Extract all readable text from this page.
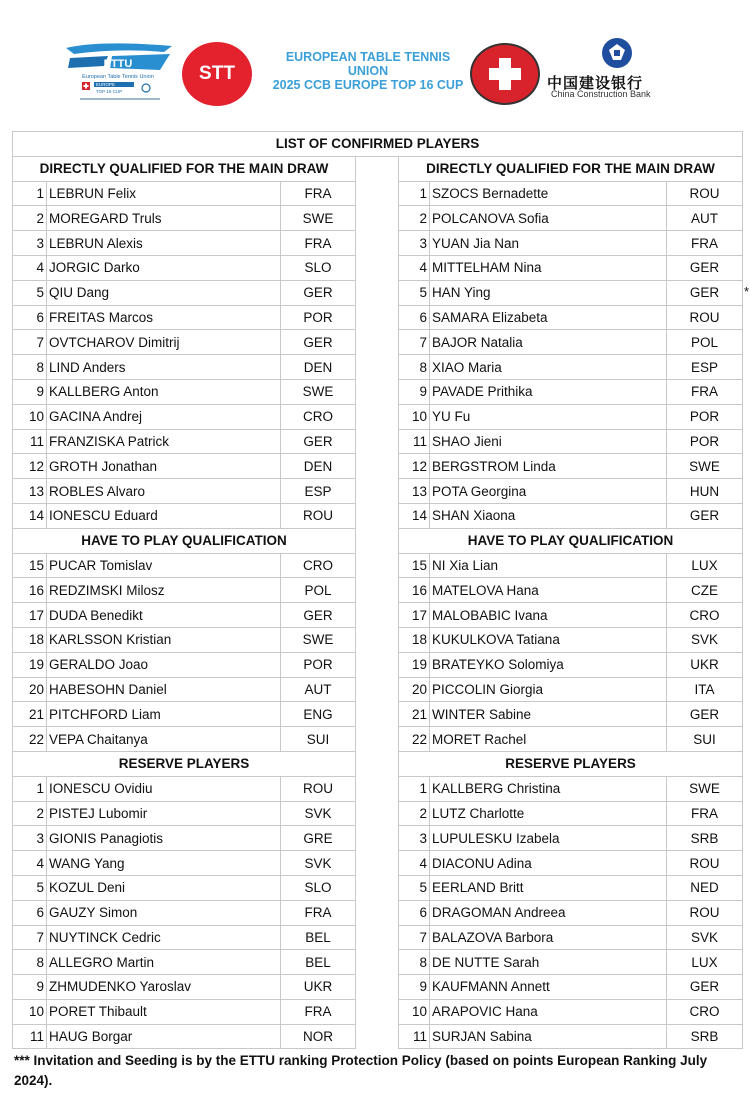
ETTU
European Table Tennis Union
EUROPE
TOP 16 CUP
STT
EUROPEAN TABLE TENNIS
UNION
2025 CCB EUROPE TOP 16 CUP	中国建设银行
China Construction Bank
LIST OF CONFIRMED PLAYERS						
DIRECTLY QUALIFIED FOR THE MAIN DRAW				DIRECTLY QUALIFIED FOR THE MAIN DRAW		
1	LEBRUN Felix	FRA		1	SZOCS Bernadette	ROU
2	MOREGARD Truls	SWE		2	POLCANOVA Sofia	AUT
3	LEBRUN Alexis	FRA		3	YUAN Jia Nan	FRA
4	JORGIC Darko	SLO		4	MITTELHAM Nina	GER
5	QIU Dang	GER		5	HAN Ying	GER
6	FREITAS Marcos	POR		6	SAMARA Elizabeta	ROU
7	OVTCHAROV Dimitrij	GER		7	BAJOR Natalia	POL
8	LIND Anders	DEN		8	XIAO Maria	ESP
9	KALLBERG Anton	SWE		9	PAVADE Prithika	FRA
10	GACINA Andrej	CRO		10	YU Fu	POR
11	FRANZISKA Patrick	GER		11	SHAO Jieni	POR
12	GROTH Jonathan	DEN		12	BERGSTROM Linda	SWE
13	ROBLES Alvaro	ESP		13	POTA Georgina	HUN
14	IONESCU Eduard	ROU		14	SHAN Xiaona	GER
HAVE TO PLAY QUALIFICATION				HAVE TO PLAY QUALIFICATION		
15	PUCAR Tomislav	CRO		15	NI Xia Lian	LUX
16	REDZIMSKI Milosz	POL		16	MATELOVA Hana	CZE
17	DUDA Benedikt	GER		17	MALOBABIC Ivana	CRO
18	KARLSSON Kristian	SWE		18	KUKULKOVA Tatiana	SVK
19	GERALDO Joao	POR		19	BRATEYKO Solomiya	UKR
20	HABESOHN Daniel	AUT		20	PICCOLIN Giorgia	ITA
21	PITCHFORD Liam	ENG		21	WINTER Sabine	GER
22	VEPA Chaitanya	SUI		22	MORET Rachel	SUI
RESERVE PLAYERS				RESERVE PLAYERS		
1	IONESCU Ovidiu	ROU		1	KALLBERG Christina	SWE
2	PISTEJ Lubomir	SVK		2	LUTZ Charlotte	FRA
3	GIONIS Panagiotis	GRE		3	LUPULESKU Izabela	SRB
4	WANG Yang	SVK		4	DIACONU Adina	ROU
5	KOZUL Deni	SLO		5	EERLAND Britt	NED
6	GAUZY Simon	FRA		6	DRAGOMAN Andreea	ROU
7	NUYTINCK Cedric	BEL		7	BALAZOVA Barbora	SVK
8	ALLEGRO Martin	BEL		8	DE NUTTE Sarah	LUX
9	ZHMUDENKO Yaroslav	UKR		9	KAUFMANN Annett	GER
10	PORET Thibault	FRA		10	ARAPOVIC Hana	CRO
11	HAUG Borgar	NOR		11	SURJAN Sabina	SRB
*
*** Invitation and Seeding is by the ETTU ranking Protection Policy (based on points European Ranking July 2024).
